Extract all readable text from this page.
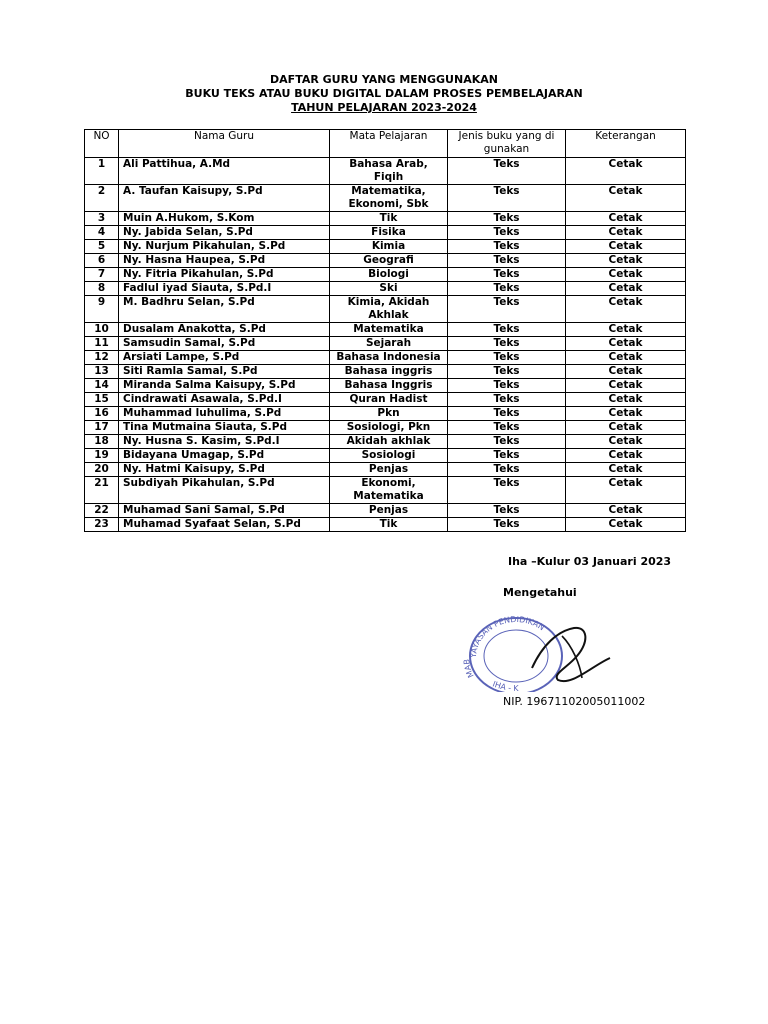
DAFTAR GURU YANG MENGGUNAKAN
BUKU TEKS ATAU BUKU DIGITAL DALAM PROSES PEMBELAJARAN
TAHUN PELAJARAN 2023-2024
NO	Nama Guru	Mata Pelajaran	Jenis buku yang di gunakan	Keterangan
1	Ali Pattihua, A.Md	Bahasa Arab, Fiqih	Teks	Cetak
2	A. Taufan Kaisupy, S.Pd	Matematika, Ekonomi, Sbk	Teks	Cetak
3	Muin A.Hukom, S.Kom	Tik	Teks	Cetak
4	Ny. Jabida Selan, S.Pd	Fisika	Teks	Cetak
5	Ny. Nurjum Pikahulan, S.Pd	Kimia	Teks	Cetak
6	Ny. Hasna Haupea, S.Pd	Geografi	Teks	Cetak
7	Ny. Fitria Pikahulan, S.Pd	Biologi	Teks	Cetak
8	Fadlul iyad Siauta, S.Pd.I	Ski	Teks	Cetak
9	M. Badhru Selan, S.Pd	Kimia, Akidah Akhlak	Teks	Cetak
10	Dusalam Anakotta, S.Pd	Matematika	Teks	Cetak
11	Samsudin Samal, S.Pd	Sejarah	Teks	Cetak
12	Arsiati Lampe, S.Pd	Bahasa Indonesia	Teks	Cetak
13	Siti Ramla Samal, S.Pd	Bahasa inggris	Teks	Cetak
14	Miranda Salma Kaisupy, S.Pd	Bahasa Inggris	Teks	Cetak
15	Cindrawati Asawala, S.Pd.I	Quran Hadist	Teks	Cetak
16	Muhammad luhulima, S.Pd	Pkn	Teks	Cetak
17	Tina Mutmaina Siauta, S.Pd	Sosiologi, Pkn	Teks	Cetak
18	Ny. Husna S. Kasim, S.Pd.I	Akidah akhlak	Teks	Cetak
19	Bidayana Umagap, S.Pd	Sosiologi	Teks	Cetak
20	Ny. Hatmi Kaisupy, S.Pd	Penjas	Teks	Cetak
21	Subdiyah Pikahulan, S.Pd	Ekonomi, Matematika	Teks	Cetak
22	Muhamad Sani Samal, S.Pd	Penjas	Teks	Cetak
23	Muhamad Syafaat Selan, S.Pd	Tik	Teks	Cetak
Iha –Kulur 03 Januari 2023
Mengetahui
YAYASAN PENDIDIKAN
MAB
IHA - K
NIP. 19671102005011002
